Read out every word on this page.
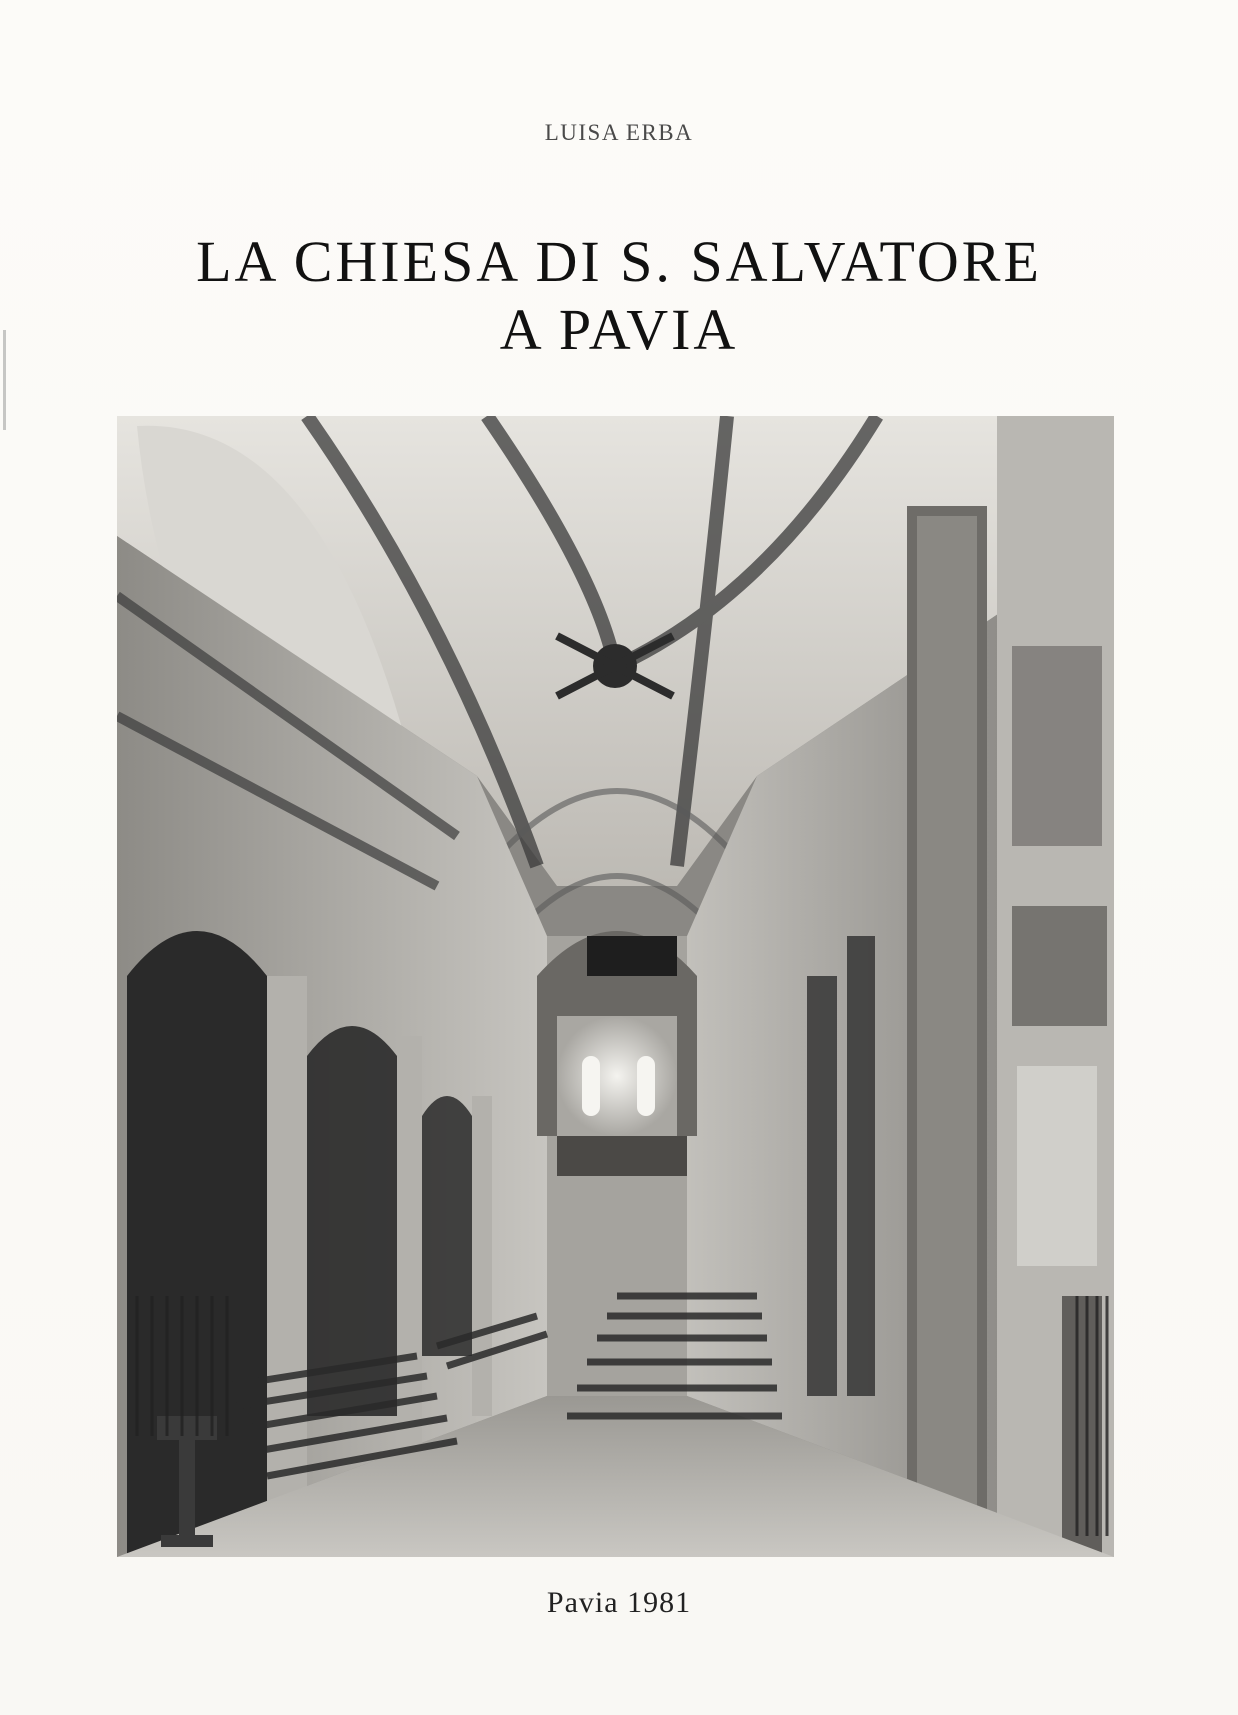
LUISA ERBA
LA CHIESA DI S. SALVATORE
A PAVIA
Pavia 1981
